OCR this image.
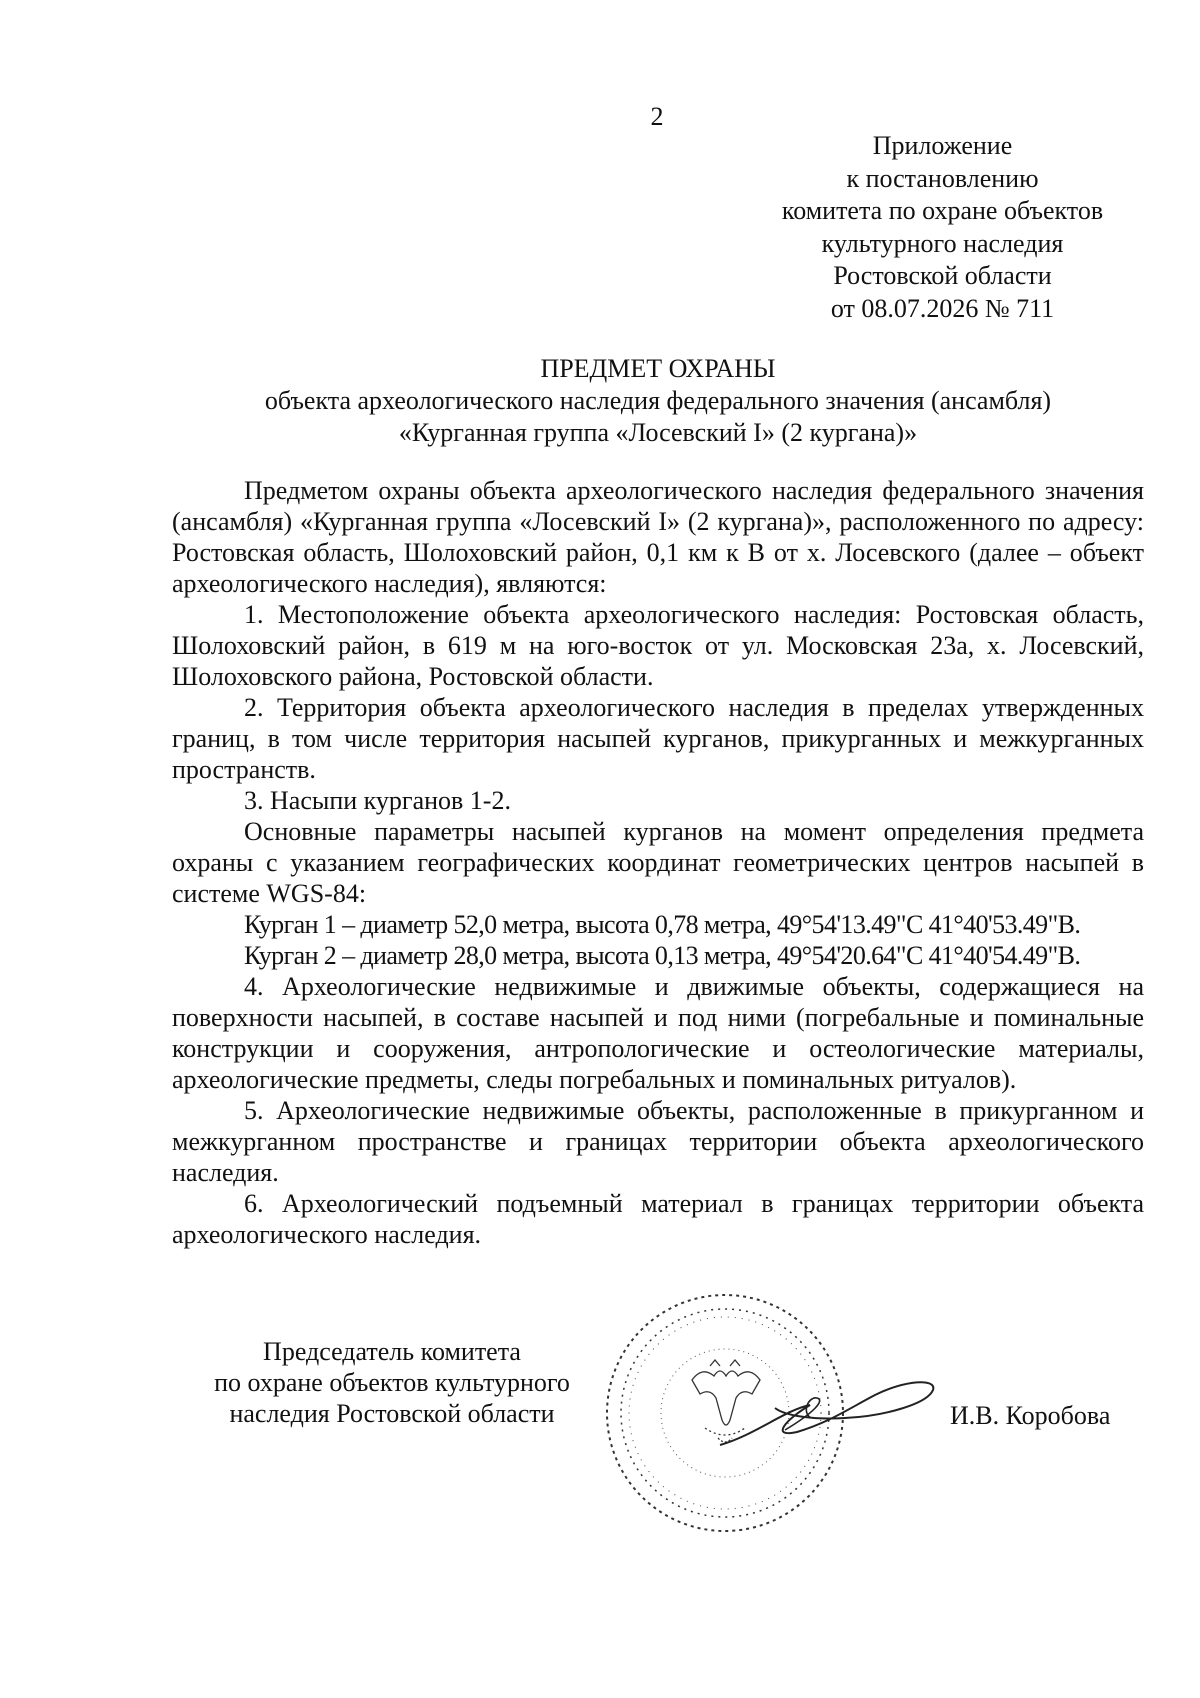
2
Приложение
к постановлению
комитета по охране объектов
культурного наследия
Ростовской области
от 08.07.2026 № 711
ПРЕДМЕТ ОХРАНЫ
объекта археологического наследия федерального значения (ансамбля)
«Курганная группа «Лосевский I» (2 кургана)»

Предметом охраны объекта археологического наследия федерального значения (ансамбля) «Курганная группа «Лосевский I» (2 кургана)», расположенного по адресу: Ростовская область, Шолоховский район, 0,1 км к В от х. Лосевского (далее – объект археологического наследия), являются:

1. Местоположение объекта археологического наследия: Ростовская область, Шолоховский район, в 619 м на юго-восток от ул. Московская 23а, х. Лосевский, Шолоховского района, Ростовской области.

2. Территория объекта археологического наследия в пределах утвержденных границ, в том числе территория насыпей курганов, прикурганных и межкурганных пространств.

3. Насыпи курганов 1-2.

Основные параметры насыпей курганов на момент определения предмета охраны с указанием географических координат геометрических центров насыпей в системе WGS-84:

Курган 1 – диаметр 52,0 метра, высота 0,78 метра, 49°54'13.49"С 41°40'53.49"В.

Курган 2 – диаметр 28,0 метра, высота 0,13 метра, 49°54'20.64"С 41°40'54.49"В.

4. Археологические недвижимые и движимые объекты, содержащиеся на поверхности насыпей, в составе насыпей и под ними (погребальные и поминальные конструкции и сооружения, антропологические и остеологические материалы, археологические предметы, следы погребальных и поминальных ритуалов).

5. Археологические недвижимые объекты, расположенные в прикурганном и межкурганном пространстве и границах территории объекта археологического наследия.

6. Археологический подъемный материал в границах территории объекта археологического наследия.

Председатель комитета
по охране объектов культурного
наследия Ростовской области	И.В. Коробова
